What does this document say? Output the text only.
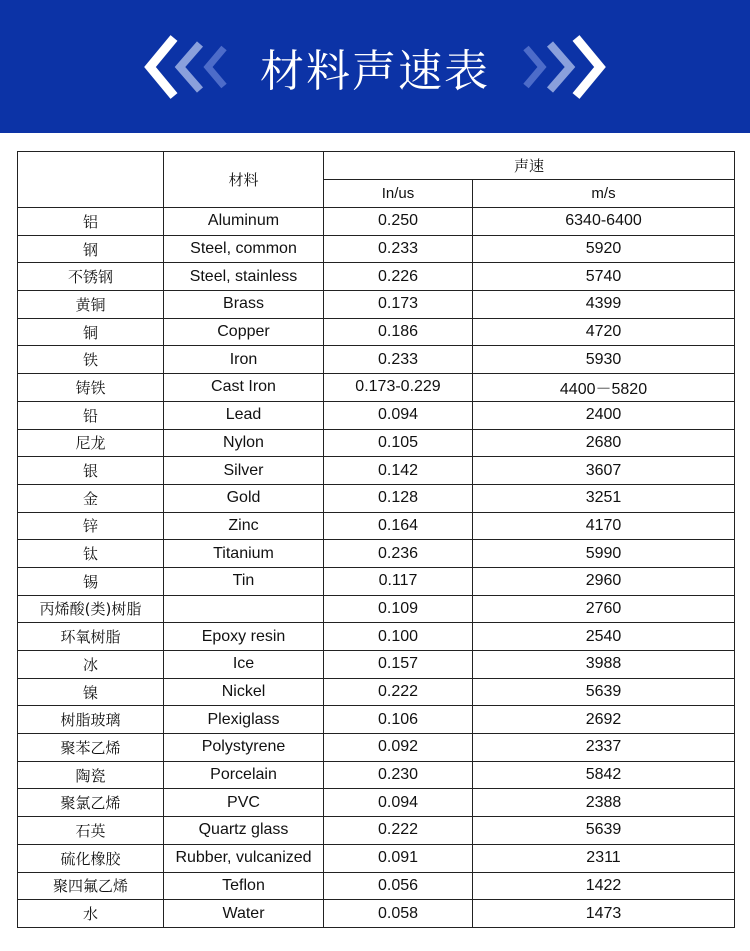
材料声速表
	材料	声速	
		In/us	m/s
铝	Aluminum	0.250	6340-6400
钢	Steel, common	0.233	5920
不锈钢	Steel, stainless	0.226	5740
黄铜	Brass	0.173	4399
铜	Copper	0.186	4720
铁	Iron	0.233	5930
铸铁	Cast Iron	0.173-0.229	4400－5820
铅	Lead	0.094	2400
尼龙	Nylon	0.105	2680
银	Silver	0.142	3607
金	Gold	0.128	3251
锌	Zinc	0.164	4170
钛	Titanium	0.236	5990
锡	Tin	0.117	2960
丙烯酸(类)树脂		0.109	2760
环氧树脂	Epoxy resin	0.100	2540
冰	Ice	0.157	3988
镍	Nickel	0.222	5639
树脂玻璃	Plexiglass	0.106	2692
聚苯乙烯	Polystyrene	0.092	2337
陶瓷	Porcelain	0.230	5842
聚氯乙烯	PVC	0.094	2388
石英	Quartz glass	0.222	5639
硫化橡胶	Rubber, vulcanized	0.091	2311
聚四氟乙烯	Teflon	0.056	1422
水	Water	0.058	1473
